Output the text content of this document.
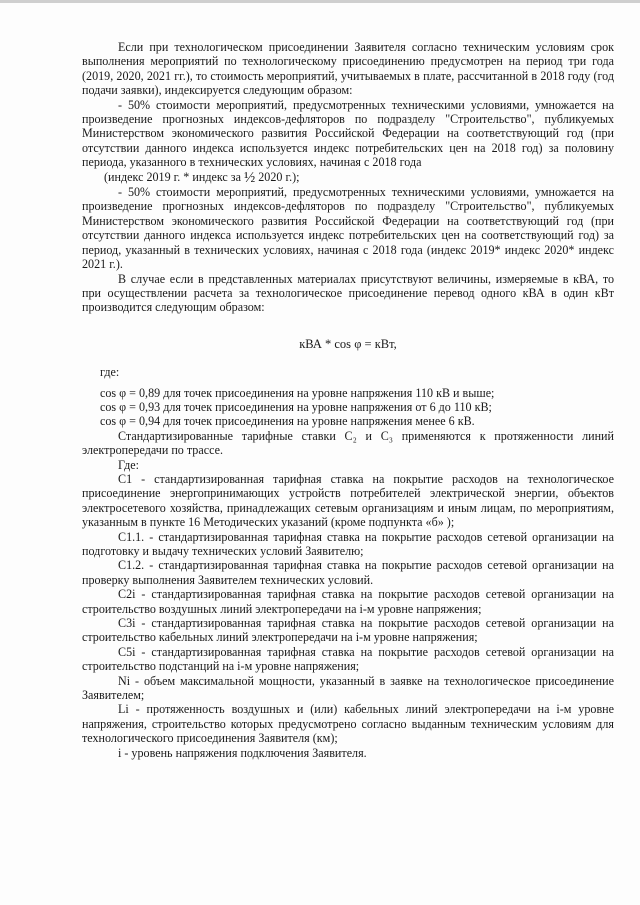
Если при технологическом присоединении Заявителя согласно техническим условиям срок выполнения мероприятий по технологическому присоединению предусмотрен на период три года (2019, 2020, 2021 гг.), то стоимость мероприятий, учитываемых в плате, рассчитанной в 2018 году (год подачи заявки), индексируется следующим образом:

- 50% стоимости мероприятий, предусмотренных техническими условиями, умножается на произведение прогнозных индексов-дефляторов по подразделу "Строительство", публикуемых Министерством экономического развития Российской Федерации на соответствующий год (при отсутствии данного индекса используется индекс потребительских цен на 2018 год) за половину периода, указанного в технических условиях, начиная с 2018 года

(индекс 2019 г. * индекс за ½ 2020 г.);

- 50% стоимости мероприятий, предусмотренных техническими условиями, умножается на произведение прогнозных индексов-дефляторов по подразделу "Строительство", публикуемых Министерством экономического развития Российской Федерации на соответствующий год (при отсутствии данного индекса используется индекс потребительских цен на соответствующий год) за период, указанный в технических условиях, начиная с 2018 года (индекс 2019* индекс 2020* индекс 2021 г.).

В случае если в представленных материалах присутствуют величины, измеряемые в кВА, то при осуществлении расчета за технологическое присоединение перевод одного кВА в один кВт производится следующим образом:

кВА * cos φ = кВт,

где:

cos φ = 0,89 для точек присоединения на уровне напряжения 110 кВ и выше;

cos φ = 0,93 для точек присоединения на уровне напряжения от 6 до 110 кВ;

cos φ = 0,94 для точек присоединения на уровне напряжения менее 6 кВ.

Стандартизированные тарифные ставки С₂ и С₃ применяются к протяженности линий электропередачи по трассе.

Где:

С1 - стандартизированная тарифная ставка на покрытие расходов на технологическое присоединение энергопринимающих устройств потребителей электрической энергии, объектов электросетевого хозяйства, принадлежащих сетевым организациям и иным лицам, по мероприятиям, указанным в пункте 16 Методических указаний (кроме подпункта «б» );

С1.1. - стандартизированная тарифная ставка на покрытие расходов сетевой организации на подготовку и выдачу технических условий Заявителю;

С1.2. - стандартизированная тарифная ставка на покрытие расходов сетевой организации на проверку выполнения Заявителем технических условий.

С2i - стандартизированная тарифная ставка на покрытие расходов сетевой организации на строительство воздушных линий электропередачи на i-м уровне напряжения;

С3i - стандартизированная тарифная ставка на покрытие расходов сетевой организации на строительство кабельных линий электропередачи на i-м уровне напряжения;

С5i - стандартизированная тарифная ставка на покрытие расходов сетевой организации на строительство подстанций на i-м уровне напряжения;

Ni - объем максимальной мощности, указанный в заявке на технологическое присоединение Заявителем;

Li - протяженность воздушных и (или) кабельных линий электропередачи на i-м уровне напряжения, строительство которых предусмотрено согласно выданным техническим условиям для технологического присоединения Заявителя (км);

i - уровень напряжения подключения Заявителя.
